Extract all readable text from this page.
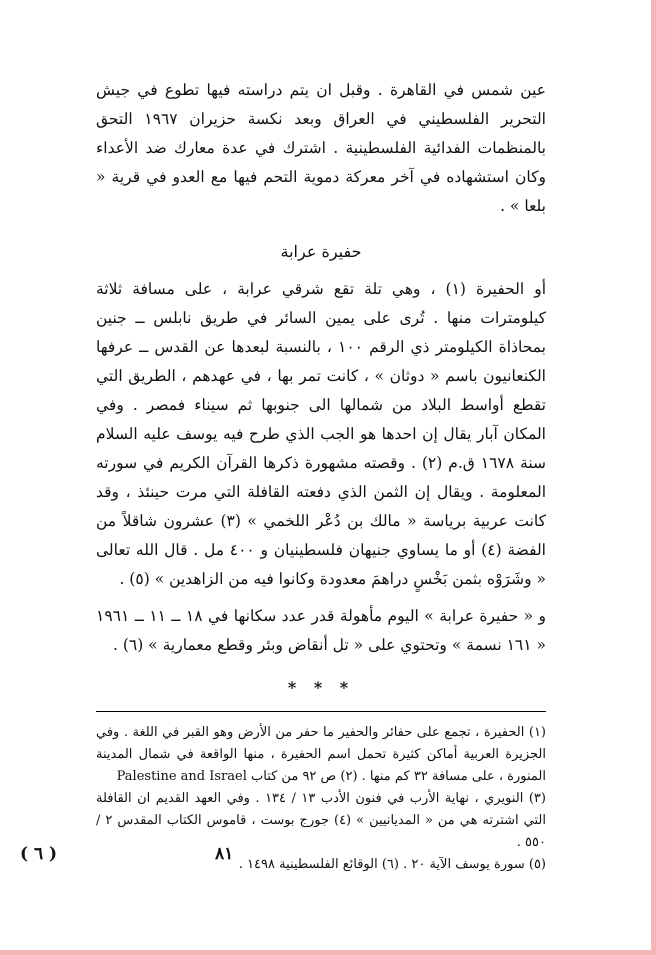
عين شمس في القاهرة . وقبل ان يتم دراسته فيها تطوع في جيش التحرير الفلسطيني في العراق وبعد نكسة حزيران ١٩٦٧ التحق بالمنظمات الفدائية الفلسطينية . اشترك في عدة معارك ضد الأعداء وكان استشهاده في آخر معركة دموية التحم فيها مع العدو في قرية « بلعا » .

حفيرة عرابة

أو الحفيرة (١) ، وهي تلة تقع شرقي عرابة ، على مسافة ثلاثة كيلومترات منها . تُرى على يمين السائر في طريق نابلس ــ جنين بمحاذاة الكيلومتر ذي الرقم ١٠٠ ، بالنسبة لبعدها عن القدس ــ عرفها الكنعانيون باسم « دوثان » ، كانت تمر بها ، في عهدهم ، الطريق التي تقطع أواسط البلاد من شمالها الى جنوبها ثم سيناء فمصر . وفي المكان آبار يقال إن احدها هو الجب الذي طرح فيه يوسف عليه السلام سنة ١٦٧٨ ق.م (٢) . وقصته مشهورة ذكرها القرآن الكريم في سورته المعلومة . ويقال إن الثمن الذي دفعته القافلة التي مرت حينئذ ، وقد كانت عربية برياسة « مالك بن دُعْر اللخمي » (٣) عشرون شاقلاً من الفضة (٤) أو ما يساوي جنيهان فلسطينيان و ٤٠٠ مل . قال الله تعالى « وشَرَوْه بثمن بَخْسٍ دراهمَ معدودة وكانوا فيه من الزاهدين » (٥) .

و « حفيرة عرابة » اليوم مأهولة قدر عدد سكانها في ١٨ ــ ١١ ــ ١٩٦١ « ١٦١ نسمة » وتحتوي على « تل أنقاض وبئر وقطع معمارية » (٦) .

* * *

(١) الحفيرة ، تجمع على حفائر والحفير ما حفر من الأرض وهو القبر في اللغة . وفي الجزيرة العربية أماكن كثيرة تحمل اسم الحفيرة ، منها الواقعة في شمال المدينة المنورة ، على مسافة ٣٢ كم منها . (٢) ص ٩٢ من كتاب Palestine and Israel

(٣) النويري ، نهاية الأرب في فنون الأدب ١٣ / ١٣٤ . وفي العهد القديم ان القافلة التي اشترته هي من « المديانيين » (٤) جورج بوست ، قاموس الكتاب المقدس ٢ / ٥٥٠ .

(٥) سورة يوسف الآية ٢٠ . (٦) الوقائع الفلسطينية ١٤٩٨ .

٨١
( ٦ )
